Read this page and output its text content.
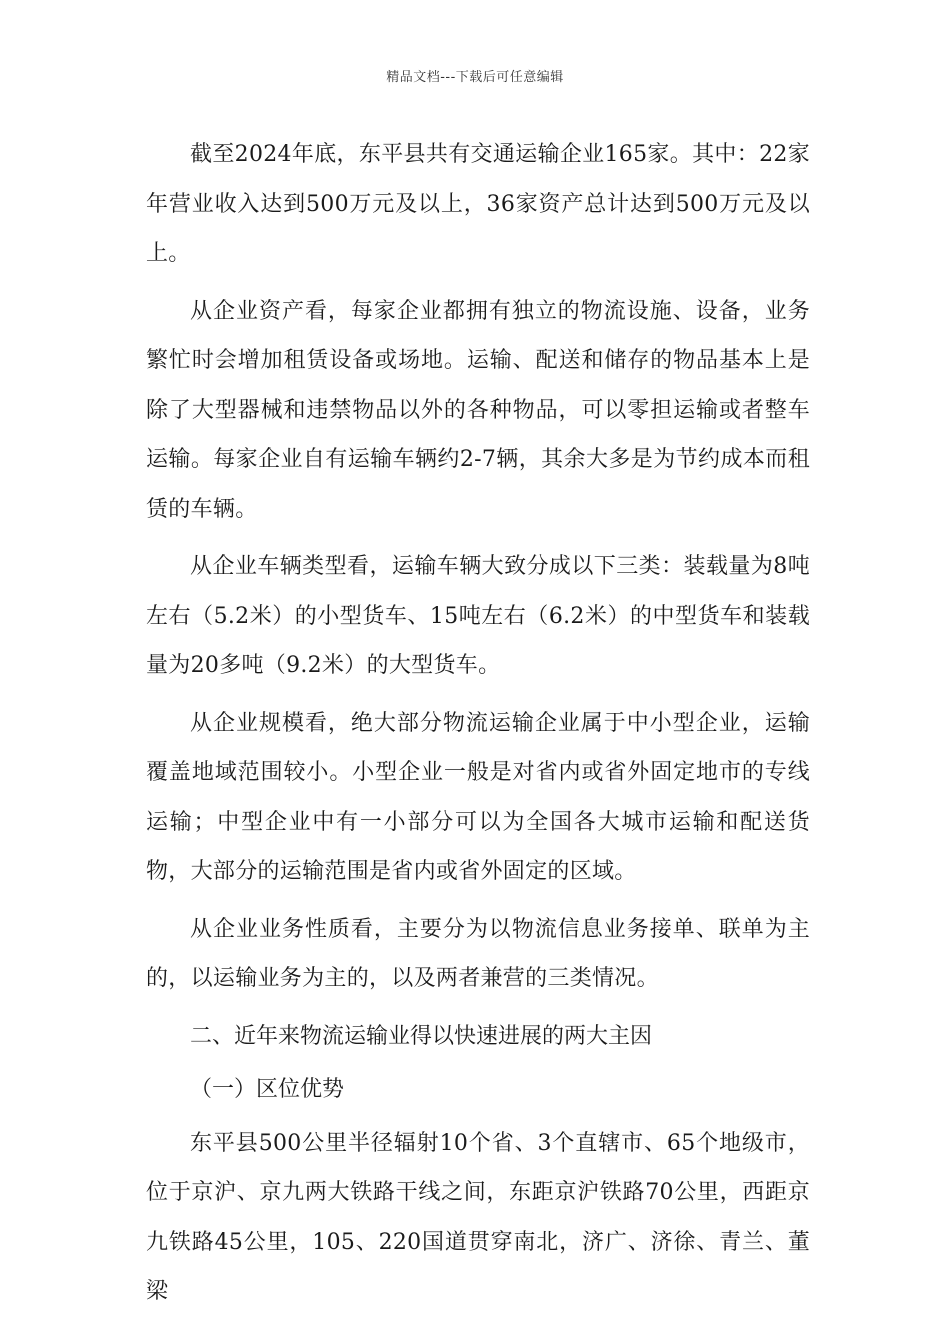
精品文档---下载后可任意编辑

截至2024年底，东平县共有交通运输企业165家。其中：22家年营业收入达到500万元及以上，36家资产总计达到500万元及以上。

从企业资产看，每家企业都拥有独立的物流设施、设备，业务繁忙时会增加租赁设备或场地。运输、配送和储存的物品基本上是除了大型器械和违禁物品以外的各种物品，可以零担运输或者整车运输。每家企业自有运输车辆约2-7辆，其余大多是为节约成本而租赁的车辆。

从企业车辆类型看，运输车辆大致分成以下三类：装载量为8吨左右（5.2米）的小型货车、15吨左右（6.2米）的中型货车和装载量为20多吨（9.2米）的大型货车。

从企业规模看，绝大部分物流运输企业属于中小型企业，运输覆盖地域范围较小。小型企业一般是对省内或省外固定地市的专线运输；中型企业中有一小部分可以为全国各大城市运输和配送货物，大部分的运输范围是省内或省外固定的区域。

从企业业务性质看，主要分为以物流信息业务接单、联单为主的，以运输业务为主的，以及两者兼营的三类情况。

二、近年来物流运输业得以快速进展的两大主因

（一）区位优势

东平县500公里半径辐射10个省、3个直辖市、65个地级市，位于京沪、京九两大铁路干线之间，东距京沪铁路70公里，西距京九铁路45公里，105、220国道贯穿南北，济广、济徐、青兰、董梁
